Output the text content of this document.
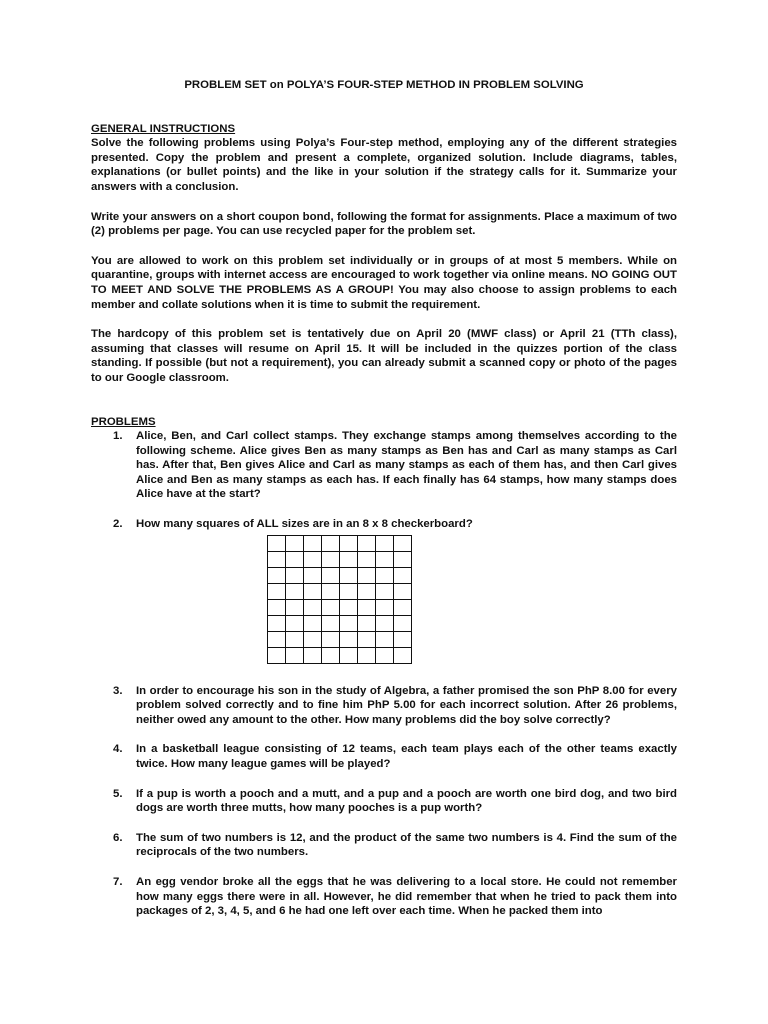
PROBLEM SET on POLYA’S FOUR-STEP METHOD IN PROBLEM SOLVING
GENERAL INSTRUCTIONS

Solve the following problems using Polya’s Four-step method, employing any of the different strategies presented. Copy the problem and present a complete, organized solution. Include diagrams, tables, explanations (or bullet points) and the like in your solution if the strategy calls for it. Summarize your answers with a conclusion.

Write your answers on a short coupon bond, following the format for assignments. Place a maximum of two (2) problems per page. You can use recycled paper for the problem set.

You are allowed to work on this problem set individually or in groups of at most 5 members. While on quarantine, groups with internet access are encouraged to work together via online means. NO GOING OUT TO MEET AND SOLVE THE PROBLEMS AS A GROUP! You may also choose to assign problems to each member and collate solutions when it is time to submit the requirement.

The hardcopy of this problem set is tentatively due on April 20 (MWF class) or April 21 (TTh class), assuming that classes will resume on April 15. It will be included in the quizzes portion of the class standing. If possible (but not a requirement), you can already submit a scanned copy or photo of the pages to our Google classroom.

PROBLEMS
1. Alice, Ben, and Carl collect stamps. They exchange stamps among themselves according to the following scheme. Alice gives Ben as many stamps as Ben has and Carl as many stamps as Carl has. After that, Ben gives Alice and Carl as many stamps as each of them has, and then Carl gives Alice and Ben as many stamps as each has. If each finally has 64 stamps, how many stamps does Alice have at the start?
2. How many squares of ALL sizes are in an 8 x 8 checkerboard?
3. In order to encourage his son in the study of Algebra, a father promised the son PhP 8.00 for every problem solved correctly and to fine him PhP 5.00 for each incorrect solution. After 26 problems, neither owed any amount to the other. How many problems did the boy solve correctly?
4. In a basketball league consisting of 12 teams, each team plays each of the other teams exactly twice. How many league games will be played?
5. If a pup is worth a pooch and a mutt, and a pup and a pooch are worth one bird dog, and two bird dogs are worth three mutts, how many pooches is a pup worth?
6. The sum of two numbers is 12, and the product of the same two numbers is 4. Find the sum of the reciprocals of the two numbers.
7. An egg vendor broke all the eggs that he was delivering to a local store. He could not remember how many eggs there were in all. However, he did remember that when he tried to pack them into packages of 2, 3, 4, 5, and 6 he had one left over each time. When he packed them into
